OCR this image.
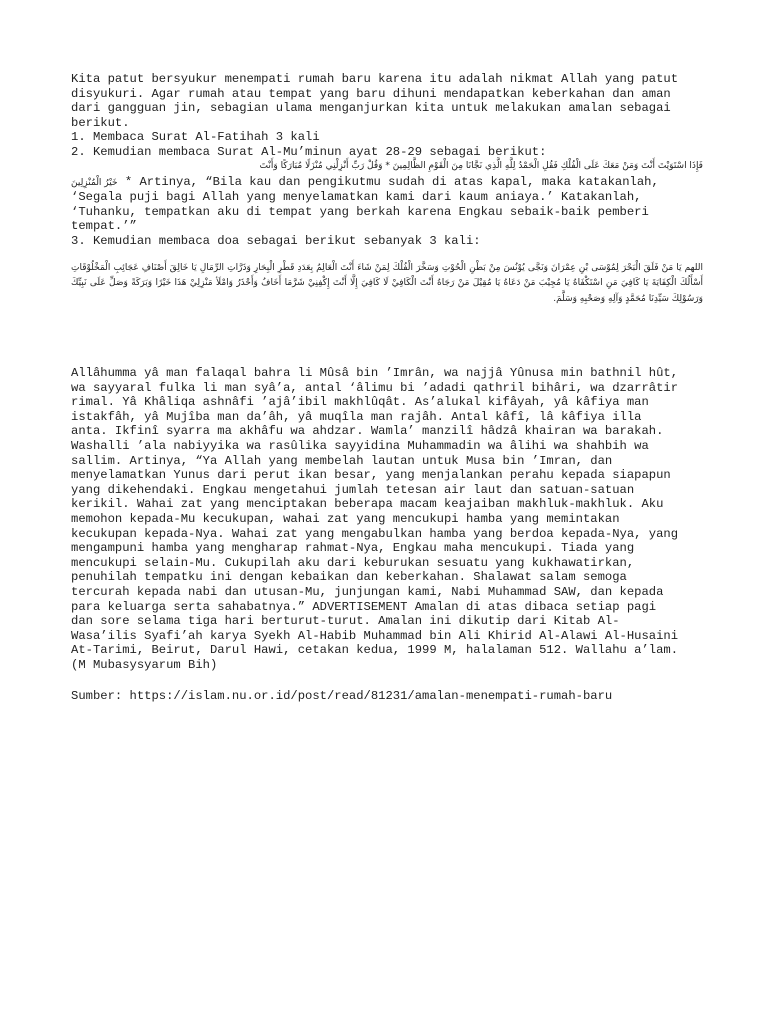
Kita patut bersyukur menempati rumah baru karena itu adalah nikmat Allah yang patut
disyukuri. Agar rumah atau tempat yang baru dihuni mendapatkan keberkahan dan aman
dari gangguan jin, sebagian ulama menganjurkan kita untuk melakukan amalan sebagai
berikut.
1. Membaca Surat Al-Fatihah 3 kali
2. Kemudian membaca Surat Al-Mu’minun ayat 28-29 sebagai berikut:
فَإِذَا اسْتَوَيْتَ أَنْتَ وَمَنْ مَعَكَ عَلَى الْفُلْكِ فَقُلِ الْحَمْدُ لِلَّهِ الَّذِي نَجَّانَا مِنَ الْقَوْمِ الظَّالِمِينَ * وَقُلْ رَبِّ أَنْزِلْنِي مُنْزَلًا مُبَارَكًا وَأَنْتَ
خَيْرُ الْمُنْزِلِينَ * Artinya, “Bila kau dan pengikutmu sudah di atas kapal, maka katakanlah,
‘Segala puji bagi Allah yang menyelamatkan kami dari kaum aniaya.’ Katakanlah,
‘Tuhanku, tempatkan aku di tempat yang berkah karena Engkau sebaik-baik pemberi
tempat.’”
3. Kemudian membaca doa sebagai berikut sebanyak 3 kali:
اللهم يَا مَنْ فَلَقَ الْبَحْرَ لِمُوْسَى بْنِ عِمْرَانَ وَنَجَّى يُوْنُسَ مِنْ بَطْنِ الْحُوْتِ وَسَخَّرَ الْفُلْكَ لِمَنْ شَاءَ أَنْتَ الْعَالِمُ بِعَدَدِ قَطْرِ الْبِحَارِ وَذَرَّاتِ الرِّمَالِ يَا خَالِقَ أَصْنَافِ عَجَائِبِ الْمَخْلُوْقَاتِ أَسْأَلُكَ الْكِفَايَةَ يَا كَافِيَ مَنِ اسْتَكْفَاهُ يَا مُجِيْبَ مَنْ دَعَاهُ يَا مُقِيْلَ مَنْ رَجَاهُ أَنْتَ الْكَافِيْ لَا كَافِيَ إِلَّا أَنْتَ إِكْفِنِيْ شَرَّمَا أَخَافُ وَأَحْذَرُ وَامْلَأ مَنْزِلِيْ هَذَا خَيْرًا وَبَرَكَةً وَصَلِّ عَلَى نَبِيِّكَ وَرَسُوْلِكَ سَيِّدِنَا مُحَمَّدٍ وَآلِهِ وَصَحْبِهِ وَسَلَّمَ.
Allâhumma yâ man falaqal bahra li Mûsâ bin ’Imrân, wa najjâ Yûnusa min bathnil hût,
wa sayyaral fulka li man syâ’a, antal ‘âlimu bi ’adadi qathril bihâri, wa dzarrâtir
rimal. Yâ Khâliqa ashnâfi ’ajâ’ibil makhlûqât. As’alukal kifâyah, yâ kâfiya man
istakfâh, yâ Mujîba man da’âh, yâ muqîla man rajâh. Antal kâfî, lâ kâfiya illa
anta. Ikfinî syarra ma akhâfu wa ahdzar. Wamla’ manzilî hâdzâ khairan wa barakah.
Washalli ’ala nabiyyika wa rasûlika sayyidina Muhammadin wa âlihi wa shahbih wa
sallim. Artinya, “Ya Allah yang membelah lautan untuk Musa bin ’Imran, dan
menyelamatkan Yunus dari perut ikan besar, yang menjalankan perahu kepada siapapun
yang dikehendaki. Engkau mengetahui jumlah tetesan air laut dan satuan-satuan
kerikil. Wahai zat yang menciptakan beberapa macam keajaiban makhluk-makhluk. Aku
memohon kepada-Mu kecukupan, wahai zat yang mencukupi hamba yang memintakan
kecukupan kepada-Nya. Wahai zat yang mengabulkan hamba yang berdoa kepada-Nya, yang
mengampuni hamba yang mengharap rahmat-Nya, Engkau maha mencukupi. Tiada yang
mencukupi selain-Mu. Cukupilah aku dari keburukan sesuatu yang kukhawatirkan,
penuhilah tempatku ini dengan kebaikan dan keberkahan. Shalawat salam semoga
tercurah kepada nabi dan utusan-Mu, junjungan kami, Nabi Muhammad SAW, dan kepada
para keluarga serta sahabatnya.” ADVERTISEMENT Amalan di atas dibaca setiap pagi
dan sore selama tiga hari berturut-turut. Amalan ini dikutip dari Kitab Al-
Wasa’ilis Syafi’ah karya Syekh Al-Habib Muhammad bin Ali Khirid Al-Alawi Al-Husaini
At-Tarimi, Beirut, Darul Hawi, cetakan kedua, 1999 M, halalaman 512. Wallahu a’lam.
(M Mubasysyarum Bih)
Sumber: https://islam.nu.or.id/post/read/81231/amalan-menempati-rumah-baru
